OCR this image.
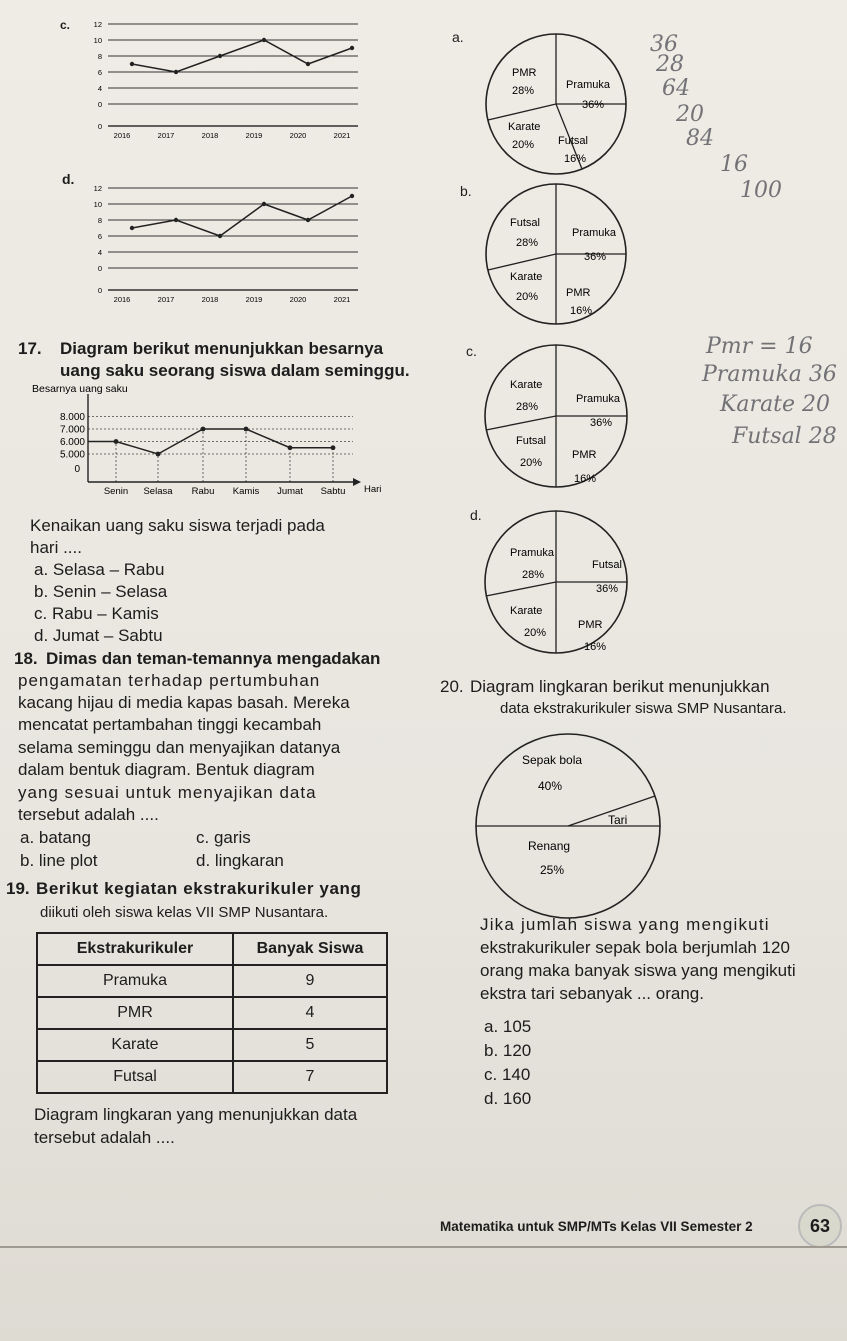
c.	12
10
8
6
4
0
0
2016	2017	2018	2019	2020	2021
d.
12
10
8
6
4
0
0
2016	2017	2018	2019	2020	2021
a.
PMR
28%	Pramuka
36%
Karate
Futsal
20%
16%
b.
Futsal
28%
Pramuka
36%
Karate
20%	PMR
16%
c.
Karate
28%
Pramuka
36%
Futsal
20%
PMR
16%
d.
Pramuka
28%
Futsal
36%
Karate
20%
PMR
16%
17. Diagram berikut menunjukkan besarnya
uang saku seorang siswa dalam seminggu.
Besarnya uang saku
8.000
7.000
6.000
5.000
0
Senin Selasa Rabu Kamis Jumat Sabtu Hari
Kenaikan uang saku siswa terjadi pada
hari ....
a. Selasa – Rabu
b. Senin – Selasa
c. Rabu – Kamis
d. Jumat – Sabtu
18. Dimas dan teman-temannya mengadakan
pengamatan terhadap pertumbuhan
kacang hijau di media kapas basah. Mereka
mencatat pertambahan tinggi kecambah
selama seminggu dan menyajikan datanya
dalam bentuk diagram. Bentuk diagram
yang sesuai untuk menyajikan data
tersebut adalah ....
a. batang	c. garis
b. line plot	d. lingkaran
19. Berikut kegiatan ekstrakurikuler yang
diikuti oleh siswa kelas VII SMP Nusantara.
Ekstrakurikuler	Banyak Siswa
Pramuka	9
PMR	4
Karate	5
Futsal	7
Diagram lingkaran yang menunjukkan data
tersebut adalah ....
20. Diagram lingkaran berikut menunjukkan
data ekstrakurikuler siswa SMP Nusantara.
Sepak bola
40%
Tari
Renang
25%
Jika jumlah siswa yang mengikuti
ekstrakurikuler sepak bola berjumlah 120
orang maka banyak siswa yang mengikuti
ekstra tari sebanyak ... orang.
a. 105
b. 120
c. 140
d. 160
36
28
64
20
84
16
100
Pmr = 16
Pramuka 36
Karate 20
Futsal 28
Matematika untuk SMP/MTs Kelas VII Semester 2	63
